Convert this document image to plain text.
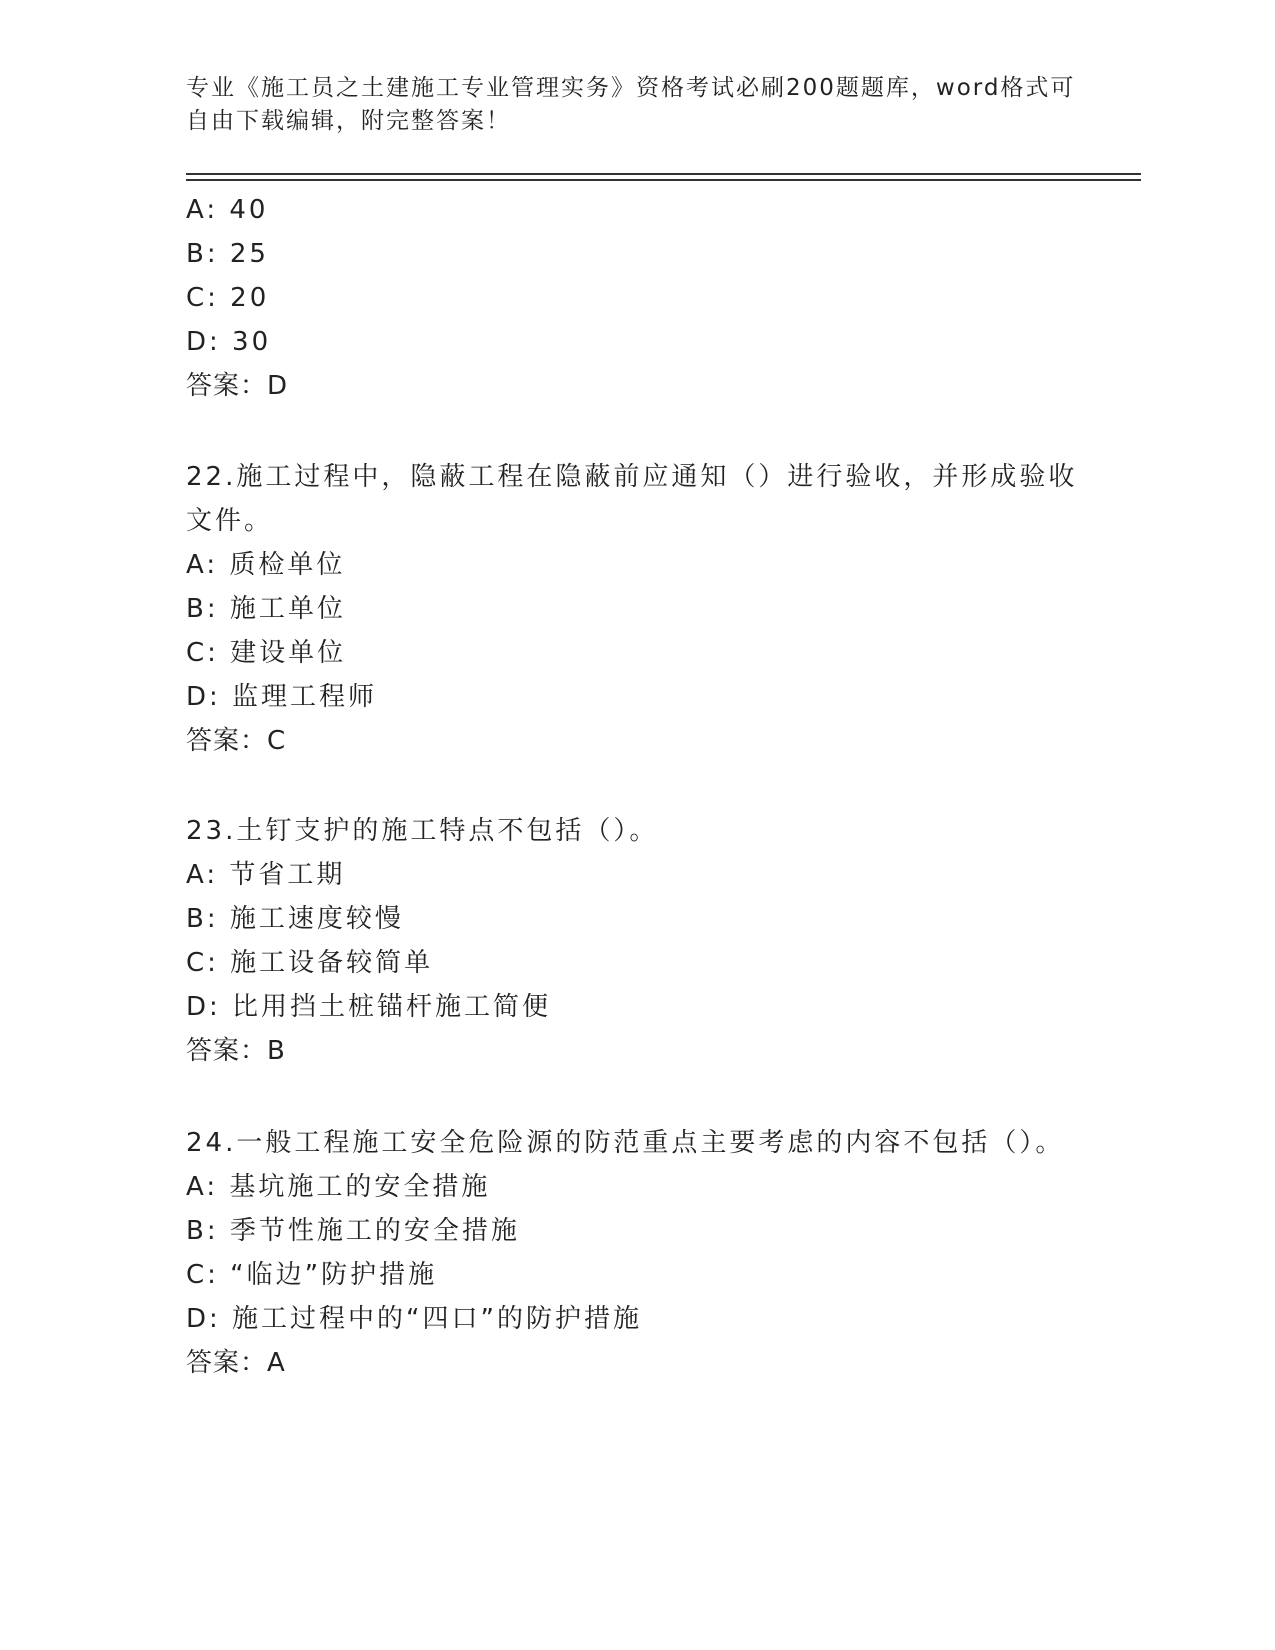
专业《施工员之土建施工专业管理实务》资格考试必刷200题题库，word格式可
自由下载编辑，附完整答案！
A: 40
B: 25
C: 20
D: 30
答案：D
22.施工过程中，隐蔽工程在隐蔽前应通知（）进行验收，并形成验收
文件。
A: 质检单位
B: 施工单位
C: 建设单位
D: 监理工程师
答案：C
23.土钉支护的施工特点不包括（）。
A: 节省工期
B: 施工速度较慢
C: 施工设备较简单
D: 比用挡土桩锚杆施工简便
答案：B
24.一般工程施工安全危险源的防范重点主要考虑的内容不包括（）。
A: 基坑施工的安全措施
B: 季节性施工的安全措施
C: “临边”防护措施
D: 施工过程中的“四口”的防护措施
答案：A
